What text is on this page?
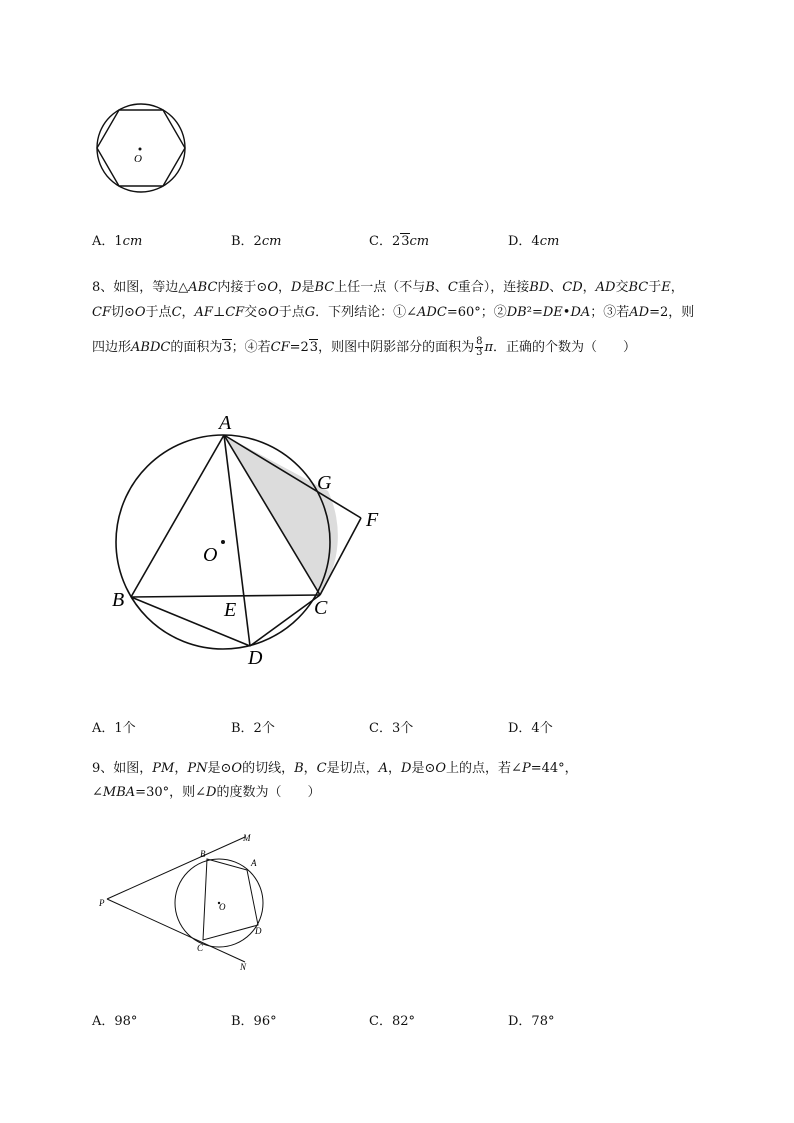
O
A．1cm	B．2cm	C．23cm	D．4cm
8、如图，等边△ABC内接于⊙O，D是BC上任一点（不与B、C重合），连接BD、CD，AD交BC于E，
CF切⊙O于点C，AF⊥CF交⊙O于点G．下列结论：①∠ADC=60°；②DB²=DE•DA；③若AD=2，则
四边形ABDC的面积为3；④若CF=23，则图中阴影部分的面积为 $\frac{8}{3}$ π．正确的个数为（　　）
A
B	C
D
E
F
G
O
A．1个	B．2个	C．3个	D．4个
9、如图，PM，PN是⊙O的切线，B，C是切点，A，D是⊙O上的点，若∠P=44°，
∠MBA=30°，则∠D的度数为（　　）
M
B
A
P	O
D
C
N
A．98°	B．96°	C．82°	D．78°
